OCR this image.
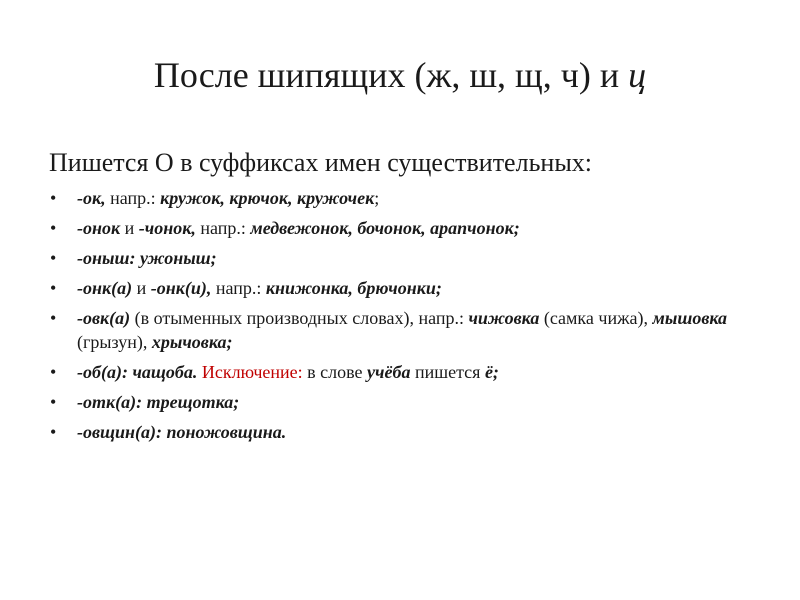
После шипящих (ж, ш, щ, ч) и ц
Пишется О в суффиксах имен существительных:
• -ок, напр.: кружок, крючок, кружочек;
• -онок и -чонок, напр.: медвежонок, бочонок, арапчонок;
• -оныш: ужоныш;
• -онк(а) и -онк(и), напр.: книжонка, брючонки;
• -овк(а) (в отыменных производных словах), напр.: чижовка (самка чижа), мышовка (грызун), хрычовка;
• -об(а): чащоба. Исключение: в слове учёба пишется ё;
• -отк(а): трещотка;
• -овщин(а): поножовщина.
